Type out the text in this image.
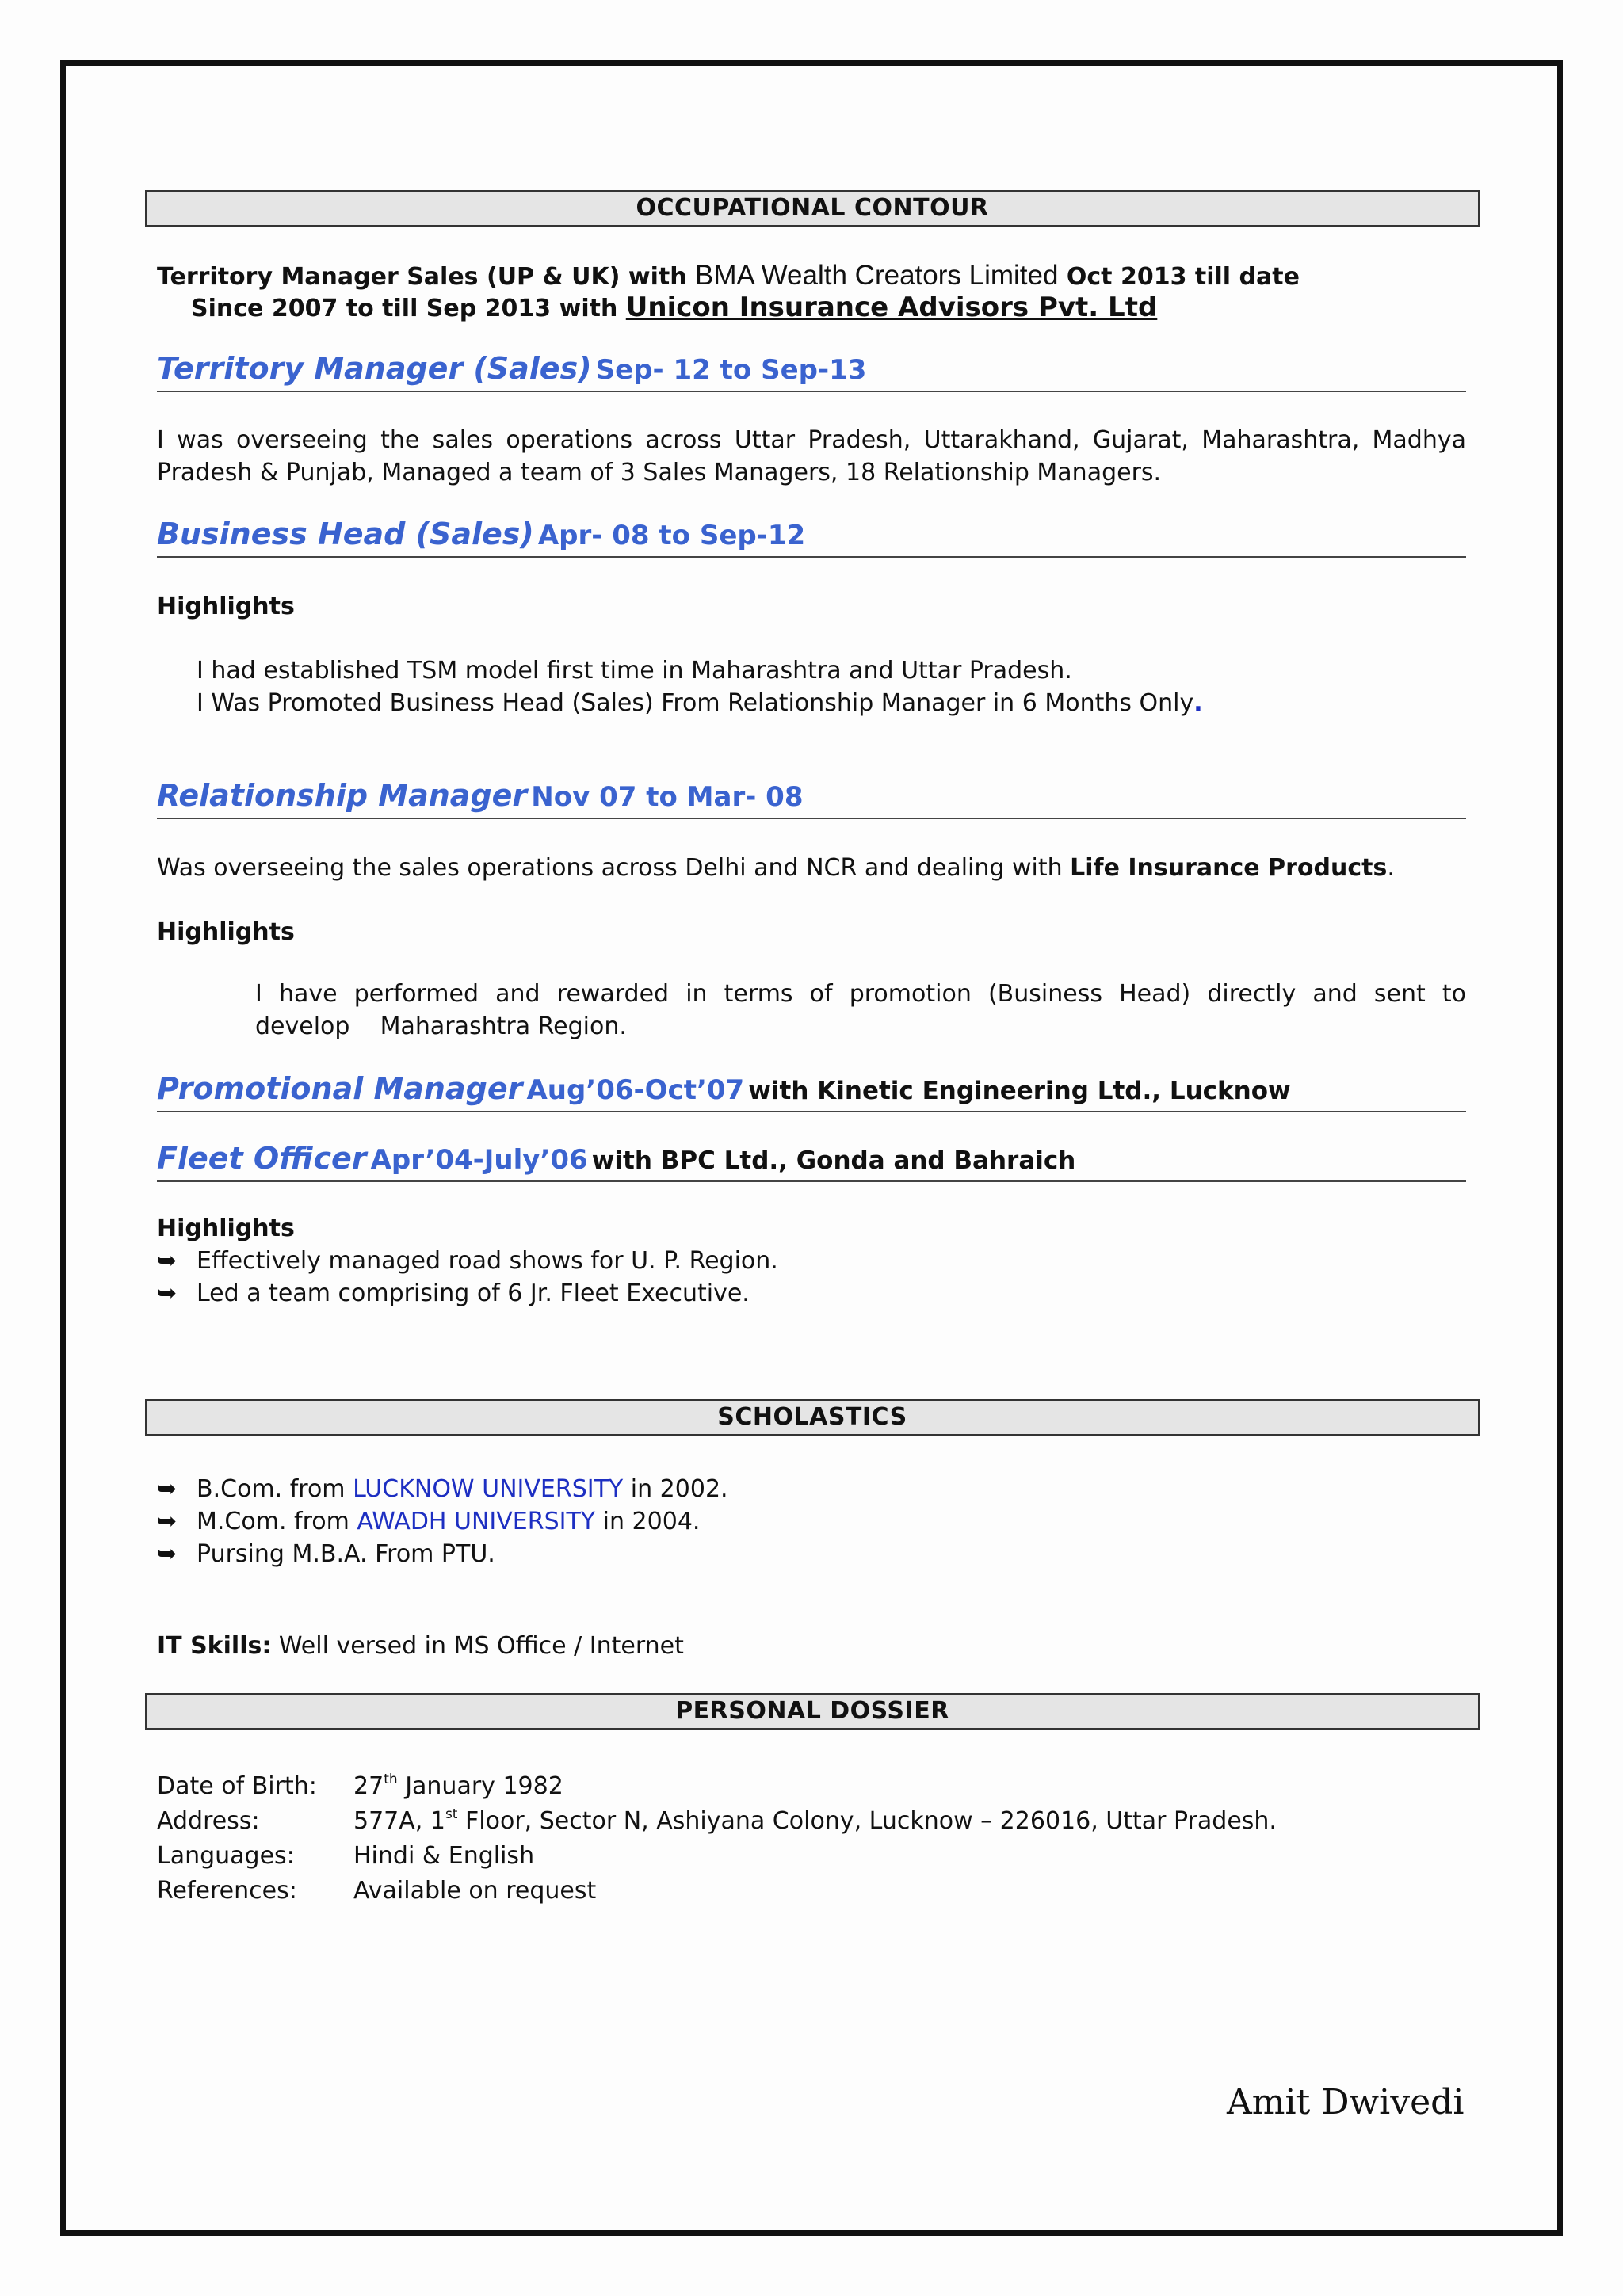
OCCUPATIONAL CONTOUR
Territory Manager Sales (UP & UK) with BMA Wealth Creators Limited Oct 2013 till date
Since 2007 to till Sep 2013 with Unicon Insurance Advisors Pvt. Ltd
Territory Manager (Sales) Sep- 12 to Sep-13
I was overseeing the sales operations across Uttar Pradesh, Uttarakhand, Gujarat, Maharashtra, Madhya
Pradesh & Punjab, Managed a team of 3 Sales Managers, 18 Relationship Managers.
Business Head (Sales) Apr- 08 to Sep-12
Highlights
I had established TSM model first time in Maharashtra and Uttar Pradesh.
I Was Promoted Business Head (Sales) From Relationship Manager in 6 Months Only.
Relationship Manager Nov 07 to Mar- 08
Was overseeing the sales operations across Delhi and NCR and dealing with Life Insurance Products.
Highlights
I have performed and rewarded in terms of promotion (Business Head) directly and sent to
develop    Maharashtra Region.
Promotional Manager Aug’06-Oct’07 with Kinetic Engineering Ltd., Lucknow
Fleet Officer Apr’04-July’06 with BPC Ltd., Gonda and Bahraich
Highlights
➥ Effectively managed road shows for U. P. Region.
➥ Led a team comprising of 6 Jr. Fleet Executive.
SCHOLASTICS
➥ B.Com. from LUCKNOW UNIVERSITY in 2002.
➥ M.Com. from AWADH UNIVERSITY in 2004.
➥ Pursing M.B.A. From PTU.
IT Skills: Well versed in MS Office / Internet
PERSONAL DOSSIER
Date of Birth: 27th January 1982
Address:	577A, 1st Floor, Sector N, Ashiyana Colony, Lucknow – 226016, Uttar Pradesh.
Languages: Hindi & English
References: Available on request
Amit Dwivedi
